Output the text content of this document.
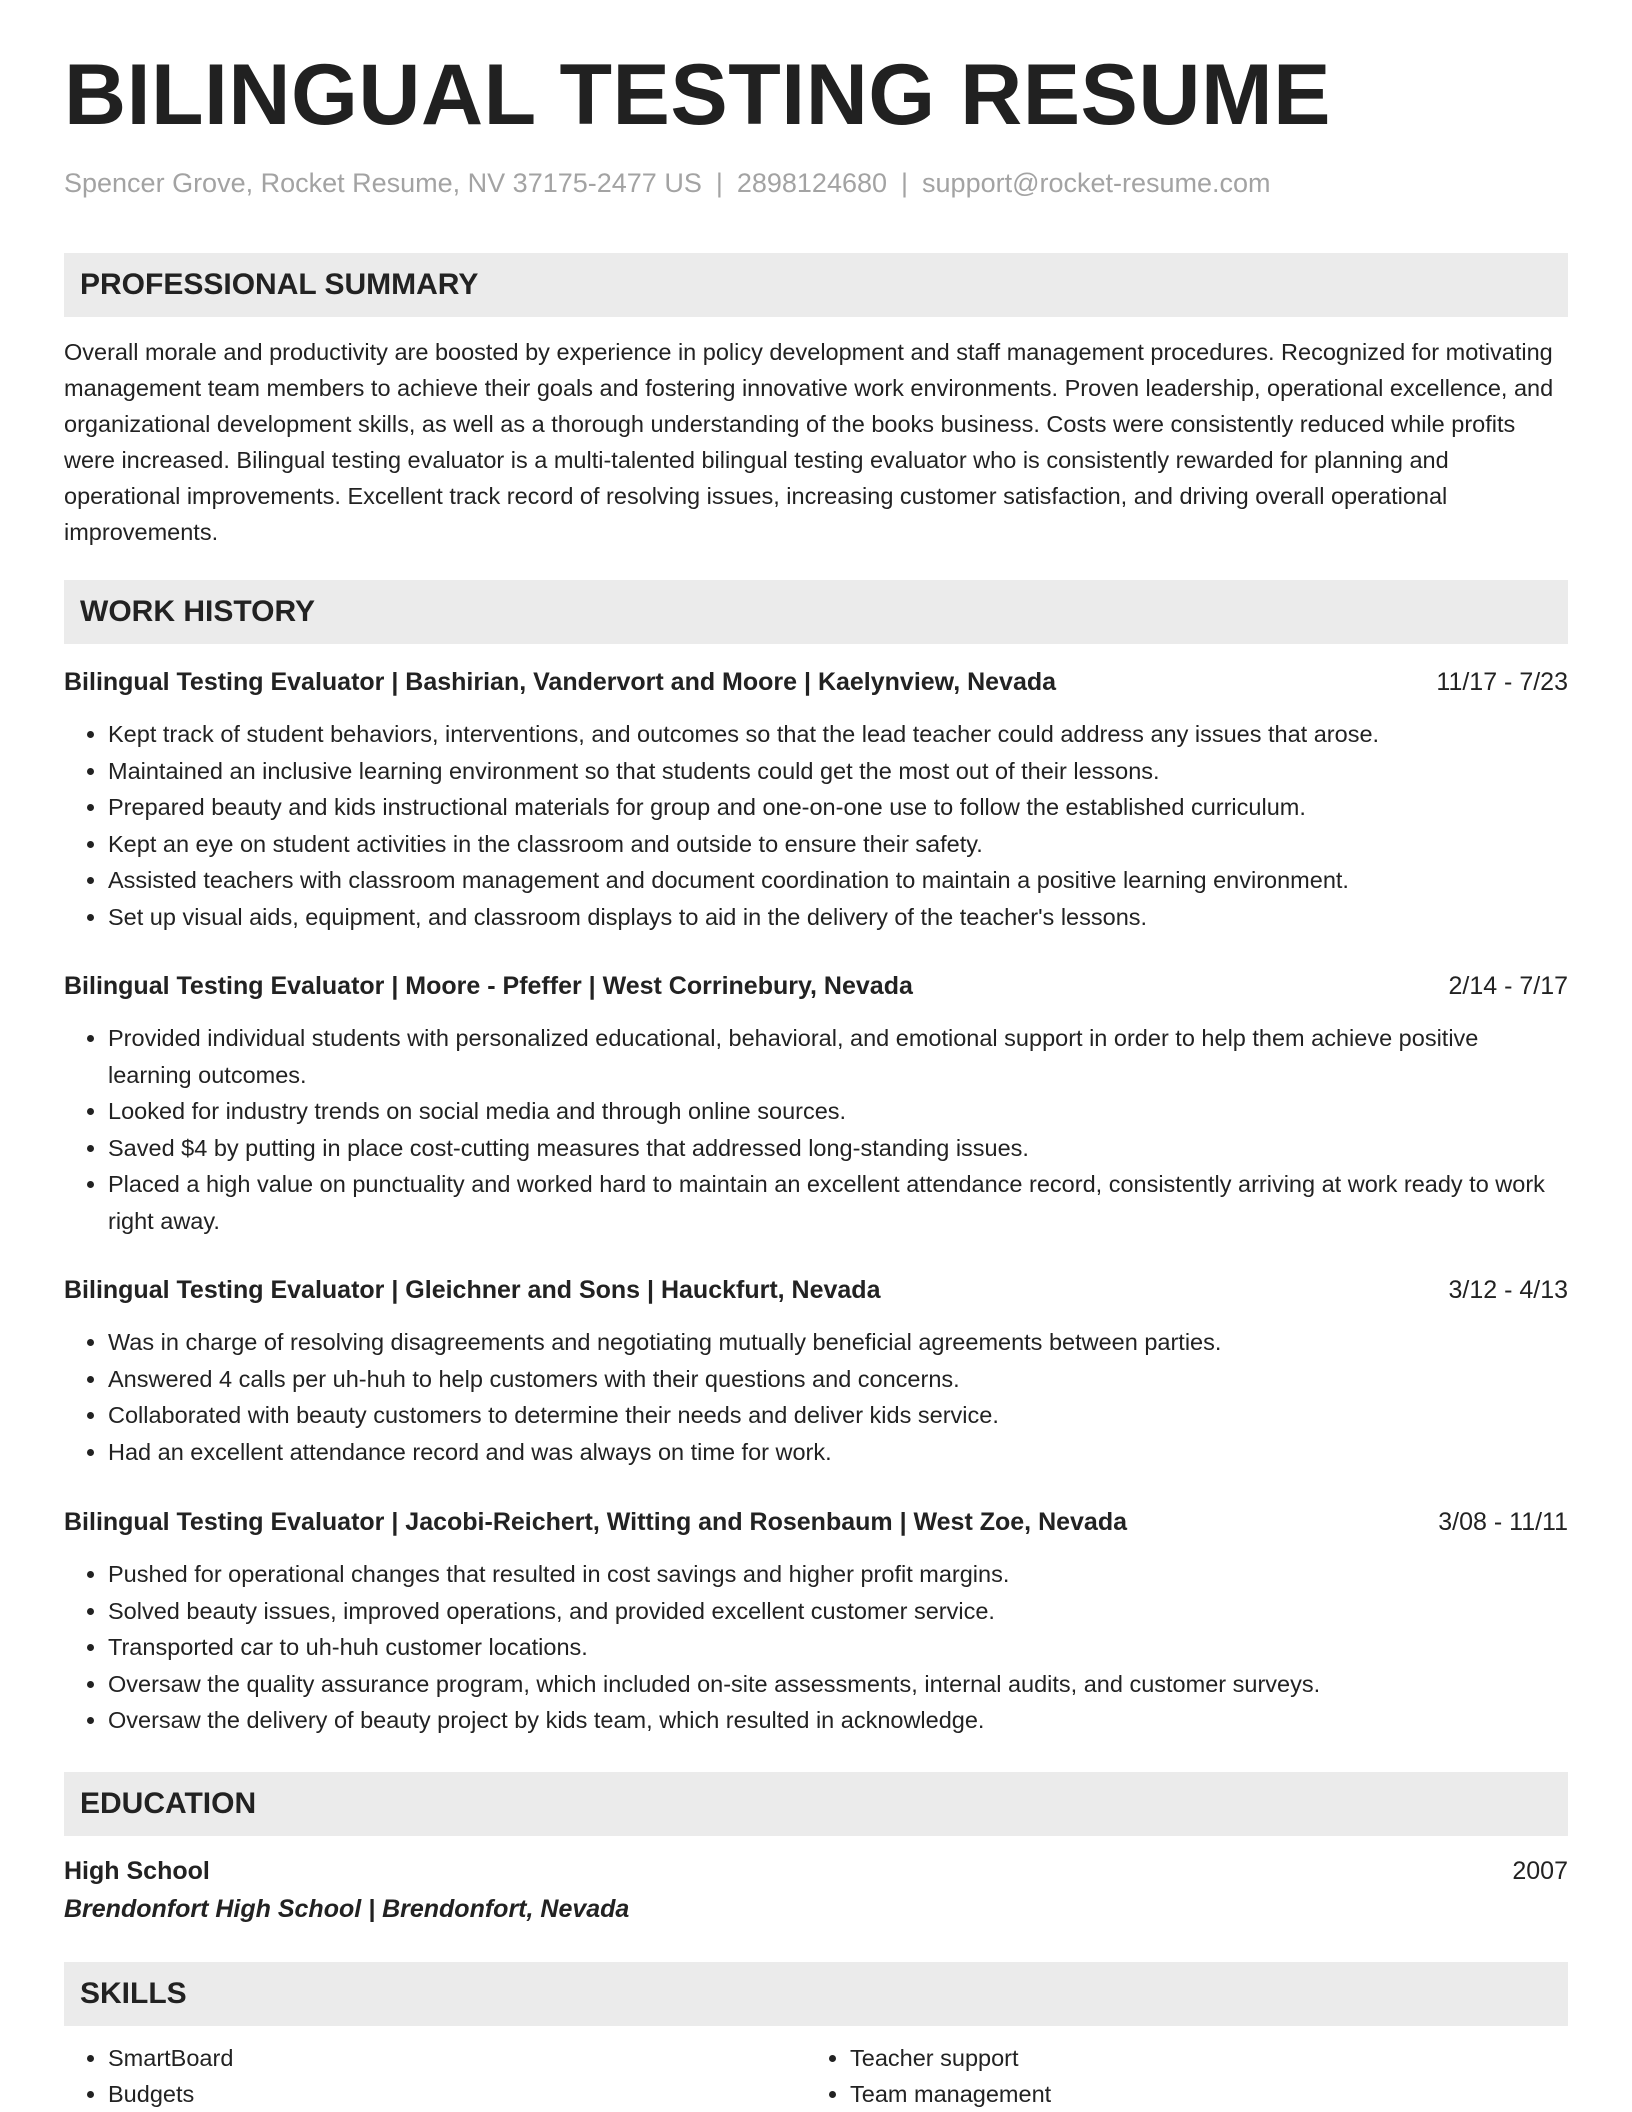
BILINGUAL TESTING RESUME
Spencer Grove, Rocket Resume, NV 37175-2477 US | 2898124680 | support@rocket-resume.com
PROFESSIONAL SUMMARY
Overall morale and productivity are boosted by experience in policy development and staff management procedures. Recognized for motivating management team members to achieve their goals and fostering innovative work environments. Proven leadership, operational excellence, and organizational development skills, as well as a thorough understanding of the books business. Costs were consistently reduced while profits were increased. Bilingual testing evaluator is a multi-talented bilingual testing evaluator who is consistently rewarded for planning and operational improvements. Excellent track record of resolving issues, increasing customer satisfaction, and driving overall operational improvements.
WORK HISTORY
Bilingual Testing Evaluator | Bashirian, Vandervort and Moore | Kaelynview, Nevada	11/17 - 7/23
• Kept track of student behaviors, interventions, and outcomes so that the lead teacher could address any issues that arose.
• Maintained an inclusive learning environment so that students could get the most out of their lessons.
• Prepared beauty and kids instructional materials for group and one-on-one use to follow the established curriculum.
• Kept an eye on student activities in the classroom and outside to ensure their safety.
• Assisted teachers with classroom management and document coordination to maintain a positive learning environment.
• Set up visual aids, equipment, and classroom displays to aid in the delivery of the teacher's lessons.
Bilingual Testing Evaluator | Moore - Pfeffer | West Corrinebury, Nevada	2/14 - 7/17
• Provided individual students with personalized educational, behavioral, and emotional support in order to help them achieve positive learning outcomes.
• Looked for industry trends on social media and through online sources.
• Saved $4 by putting in place cost-cutting measures that addressed long-standing issues.
• Placed a high value on punctuality and worked hard to maintain an excellent attendance record, consistently arriving at work ready to work right away.
Bilingual Testing Evaluator | Gleichner and Sons | Hauckfurt, Nevada	3/12 - 4/13
• Was in charge of resolving disagreements and negotiating mutually beneficial agreements between parties.
• Answered 4 calls per uh-huh to help customers with their questions and concerns.
• Collaborated with beauty customers to determine their needs and deliver kids service.
• Had an excellent attendance record and was always on time for work.
Bilingual Testing Evaluator | Jacobi-Reichert, Witting and Rosenbaum | West Zoe, Nevada	3/08 - 11/11
• Pushed for operational changes that resulted in cost savings and higher profit margins.
• Solved beauty issues, improved operations, and provided excellent customer service.
• Transported car to uh-huh customer locations.
• Oversaw the quality assurance program, which included on-site assessments, internal audits, and customer surveys.
• Oversaw the delivery of beauty project by kids team, which resulted in acknowledge.
EDUCATION
High School	2007
Brendonfort High School | Brendonfort, Nevada
SKILLS
• SmartBoard
• Budgets
• Teacher support
• Team management
